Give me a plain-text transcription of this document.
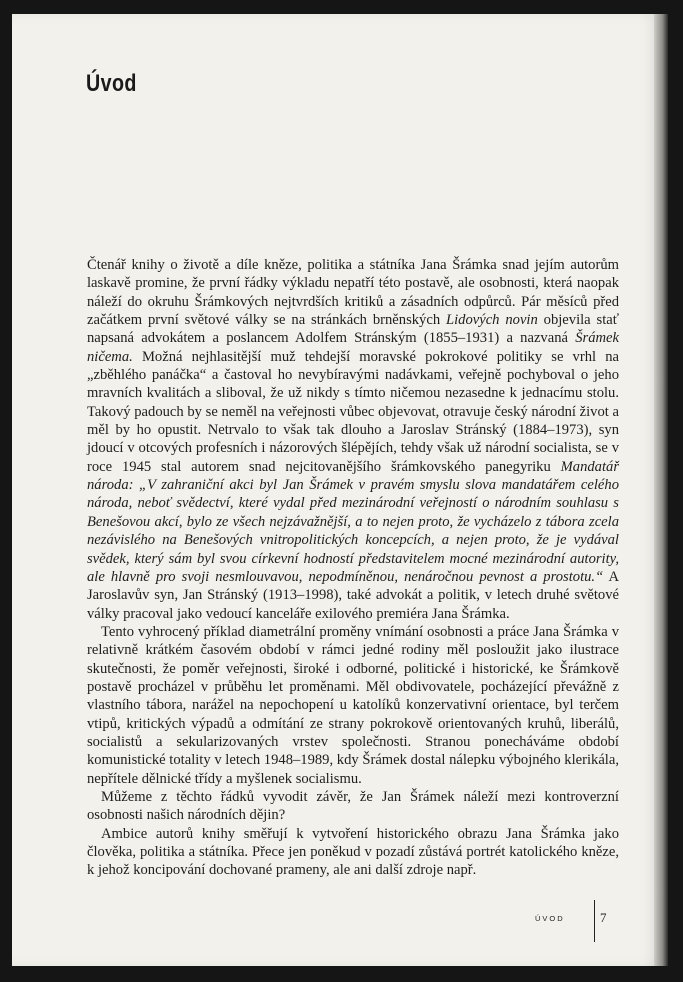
Úvod

Čtenář knihy o životě a díle kněze, politika a státníka Jana Šrámka snad jejím autorům laskavě promine, že první řádky výkladu nepatří této postavě, ale osobnosti, která naopak náleží do okruhu Šrámkových nejtvrdších kritiků a zásadních odpůrců. Pár měsíců před začátkem první světové války se na stránkách brněnských Lidových novin objevila stať napsaná advokátem a poslancem Adolfem Stránským (1855–1931) a nazvaná Šrámek ničema. Možná nejhlasitější muž tehdejší moravské pokrokové politiky se vrhl na „zběhlého panáčka“ a častoval ho nevybíravými nadávkami, veřejně pochyboval o jeho mravních kvalitách a sliboval, že už nikdy s tímto ničemou nezasedne k jednacímu stolu. Takový padouch by se neměl na veřejnosti vůbec objevovat, otravuje český národní život a měl by ho opustit. Netrvalo to však tak dlouho a Jaroslav Stránský (1884–1973), syn jdoucí v otcových profesních i názorových šlépějích, tehdy však už národní socialista, se v roce 1945 stal autorem snad nejcitovanějšího šrámkovského panegyriku Mandatář národa: „V zahraniční akci byl Jan Šrámek v pravém smyslu slova mandatářem celého národa, neboť svědectví, které vydal před mezinárodní veřejností o národním souhlasu s Benešovou akcí, bylo ze všech nejzávažnější, a to nejen proto, že vycházelo z tábora zcela nezávislého na Benešových vnitropolitických koncepcích, a nejen proto, že je vydával svědek, který sám byl svou církevní hodností představitelem mocné mezinárodní autority, ale hlavně pro svoji nesmlouvavou, nepodmíněnou, nenáročnou pevnost a prostotu.“ A Jaroslavův syn, Jan Stránský (1913–1998), také advokát a politik, v letech druhé světové války pracoval jako vedoucí kanceláře exilového premiéra Jana Šrámka.

Tento vyhrocený příklad diametrální proměny vnímání osobnosti a práce Jana Šrámka v relativně krátkém časovém období v rámci jedné rodiny měl posloužit jako ilustrace skutečnosti, že poměr veřejnosti, široké i odborné, politické i historické, ke Šrámkově postavě procházel v průběhu let proměnami. Měl obdivovatele, pocházející převážně z vlastního tábora, narážel na nepochopení u katolíků konzervativní orientace, byl terčem vtipů, kritických výpadů a odmítání ze strany pokrokově orientovaných kruhů, liberálů, socialistů a sekularizovaných vrstev společnosti. Stranou ponecháváme období komunistické totality v letech 1948–1989, kdy Šrámek dostal nálepku výbojného klerikála, nepřítele dělnické třídy a myšlenek socialismu.

Můžeme z těchto řádků vyvodit závěr, že Jan Šrámek náleží mezi kontroverzní osobnosti našich národních dějin?

Ambice autorů knihy směřují k vytvoření historického obrazu Jana Šrámka jako člověka, politika a státníka. Přece jen poněkud v pozadí zůstává portrét katolického kněze, k jehož koncipování dochované prameny, ale ani další zdroje např.

ÚVOD	7
